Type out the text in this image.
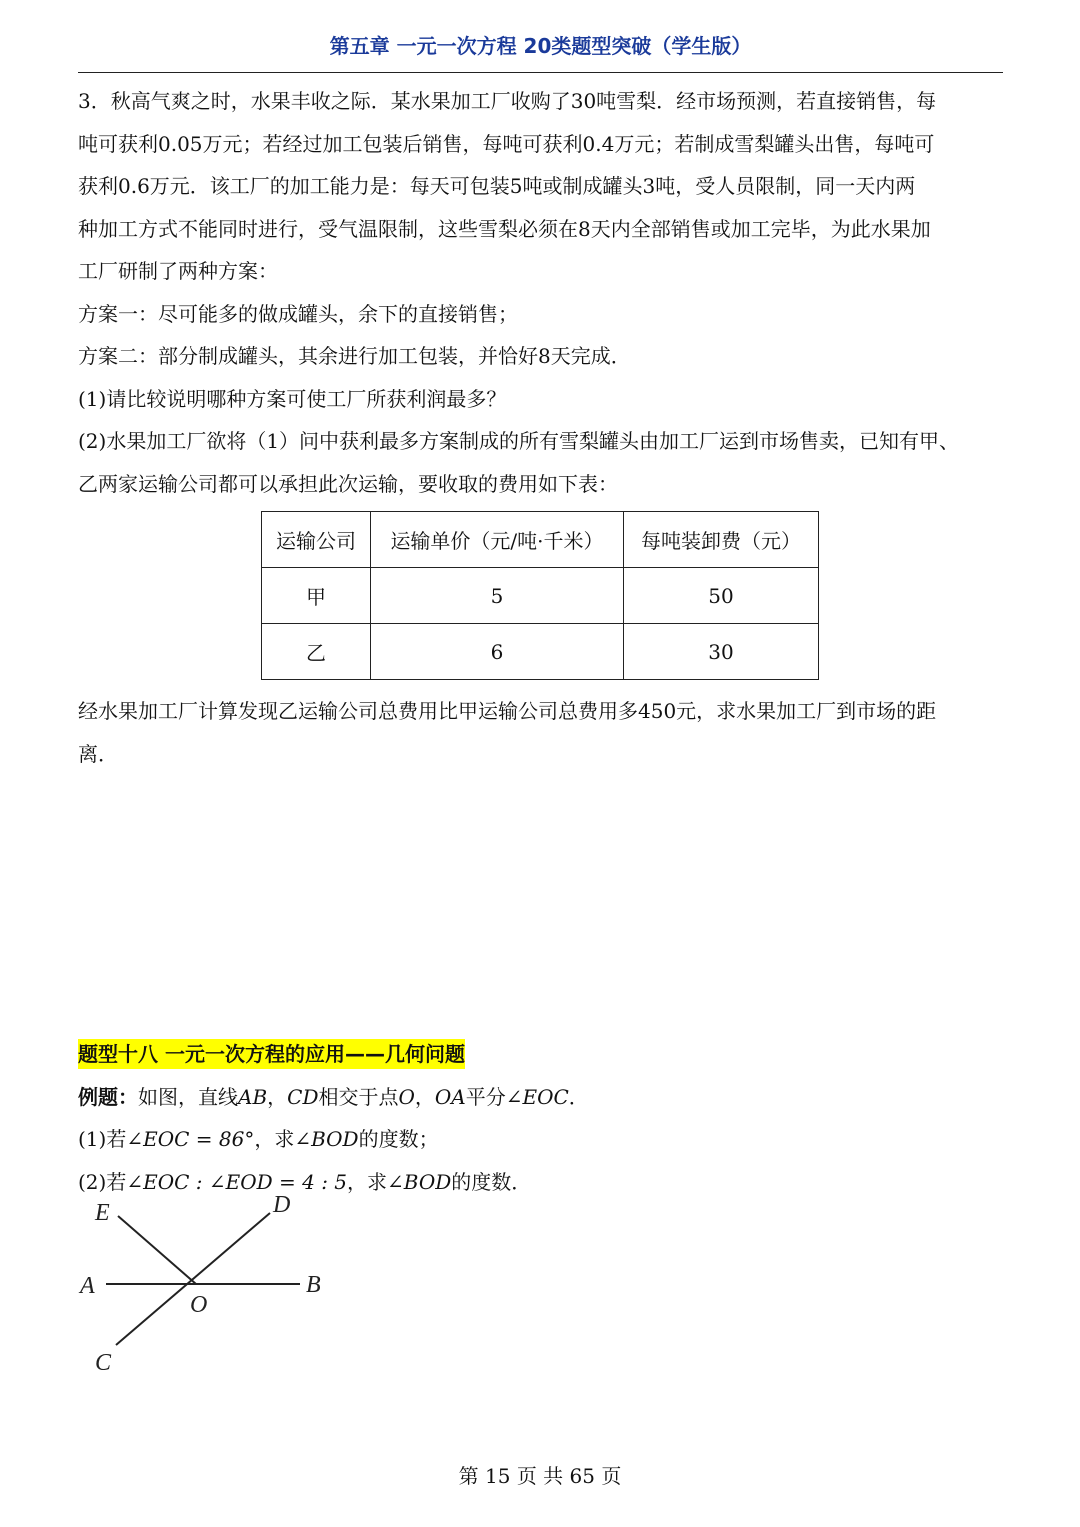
第五章 一元一次方程 20类题型突破（学生版）

3．秋高气爽之时，水果丰收之际．某水果加工厂收购了30吨雪梨．经市场预测，若直接销售，每

吨可获利0.05万元；若经过加工包装后销售，每吨可获利0.4万元；若制成雪梨罐头出售，每吨可

获利0.6万元．该工厂的加工能力是：每天可包装5吨或制成罐头3吨，受人员限制，同一天内两

种加工方式不能同时进行，受气温限制，这些雪梨必须在8天内全部销售或加工完毕，为此水果加

工厂研制了两种方案：

方案一：尽可能多的做成罐头，余下的直接销售；

方案二：部分制成罐头，其余进行加工包装，并恰好8天完成．

(1)请比较说明哪种方案可使工厂所获利润最多？

(2)水果加工厂欲将（1）问中获利最多方案制成的所有雪梨罐头由加工厂运到市场售卖，已知有甲、

乙两家运输公司都可以承担此次运输，要收取的费用如下表：

运输公司	运输单价（元/吨·千米）	每吨装卸费（元）
甲	5	50
乙	6	30

经水果加工厂计算发现乙运输公司总费用比甲运输公司总费用多450元，求水果加工厂到市场的距

离．

题型十八 一元一次方程的应用——几何问题

例题：如图，直线AB，CD相交于点O，OA平分∠EOC．

(1)若∠EOC = 86°，求∠BOD的度数；

(2)若∠EOC : ∠EOD = 4 : 5，求∠BOD的度数．

E	D
A	B
O
C
第 15 页 共 65 页
